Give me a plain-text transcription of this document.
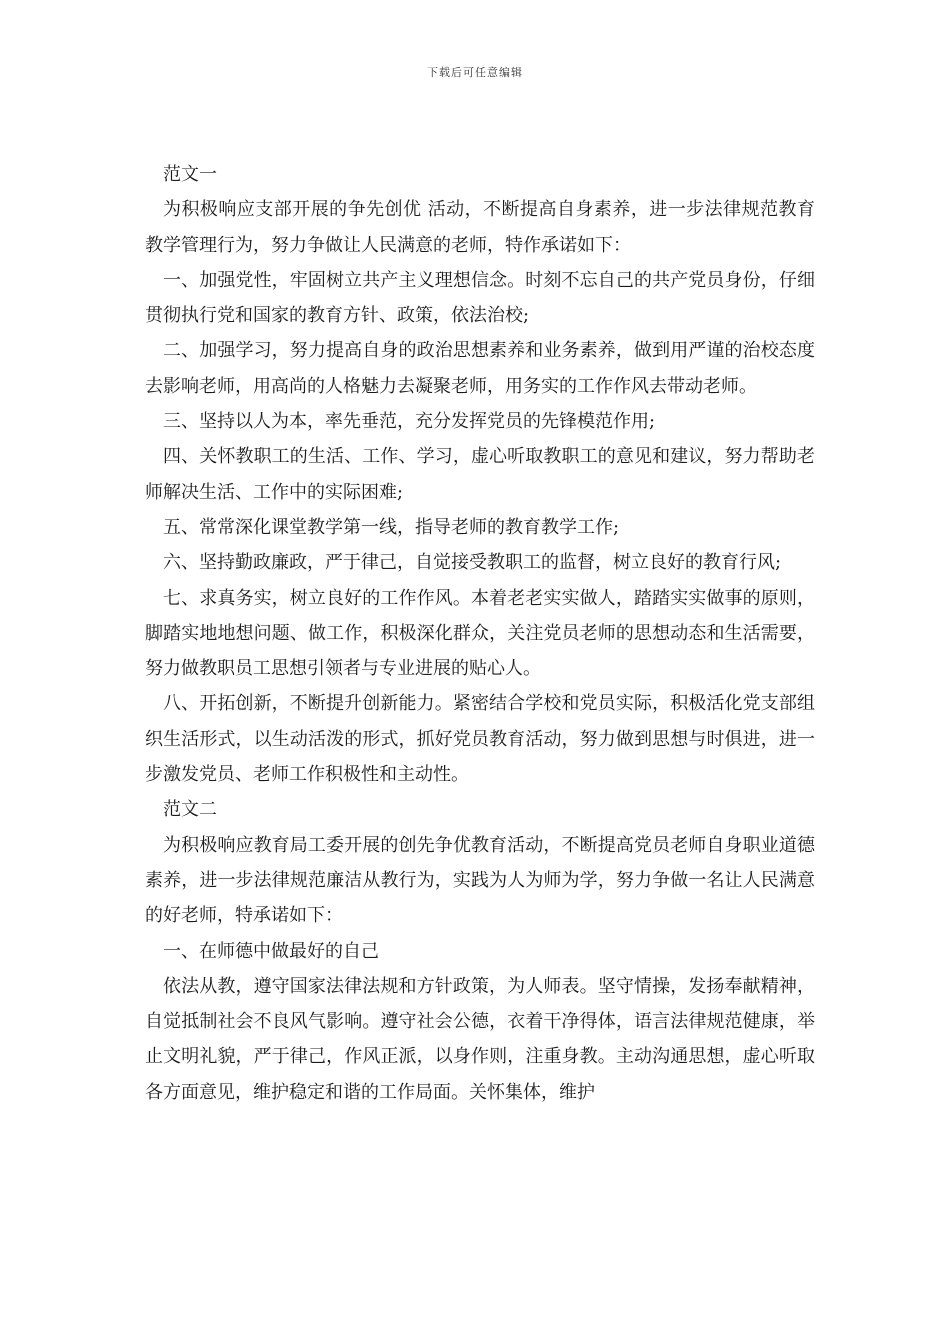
下载后可任意编辑

范文一

为积极响应支部开展的争先创优 活动，不断提高自身素养，进一步法律规范教育教学管理行为，努力争做让人民满意的老师，特作承诺如下：

一、加强党性，牢固树立共产主义理想信念。时刻不忘自己的共产党员身份，仔细贯彻执行党和国家的教育方针、政策，依法治校;

二、加强学习，努力提高自身的政治思想素养和业务素养，做到用严谨的治校态度去影响老师，用高尚的人格魅力去凝聚老师，用务实的工作作风去带动老师。

三、坚持以人为本，率先垂范，充分发挥党员的先锋模范作用;

四、关怀教职工的生活、工作、学习，虚心听取教职工的意见和建议，努力帮助老师解决生活、工作中的实际困难;

五、常常深化课堂教学第一线，指导老师的教育教学工作;

六、坚持勤政廉政，严于律己，自觉接受教职工的监督，树立良好的教育行风;

七、求真务实，树立良好的工作作风。本着老老实实做人，踏踏实实做事的原则，脚踏实地地想问题、做工作，积极深化群众，关注党员老师的思想动态和生活需要，努力做教职员工思想引领者与专业进展的贴心人。

八、开拓创新，不断提升创新能力。紧密结合学校和党员实际，积极活化党支部组织生活形式，以生动活泼的形式，抓好党员教育活动，努力做到思想与时俱进，进一步激发党员、老师工作积极性和主动性。

范文二

为积极响应教育局工委开展的创先争优教育活动，不断提高党员老师自身职业道德素养，进一步法律规范廉洁从教行为，实践为人为师为学，努力争做一名让人民满意的好老师，特承诺如下：

一、在师德中做最好的自己

依法从教，遵守国家法律法规和方针政策，为人师表。坚守情操，发扬奉献精神，自觉抵制社会不良风气影响。遵守社会公德，衣着干净得体，语言法律规范健康，举止文明礼貌，严于律己，作风正派，以身作则，注重身教。主动沟通思想，虚心听取各方面意见，维护稳定和谐的工作局面。关怀集体，维护
